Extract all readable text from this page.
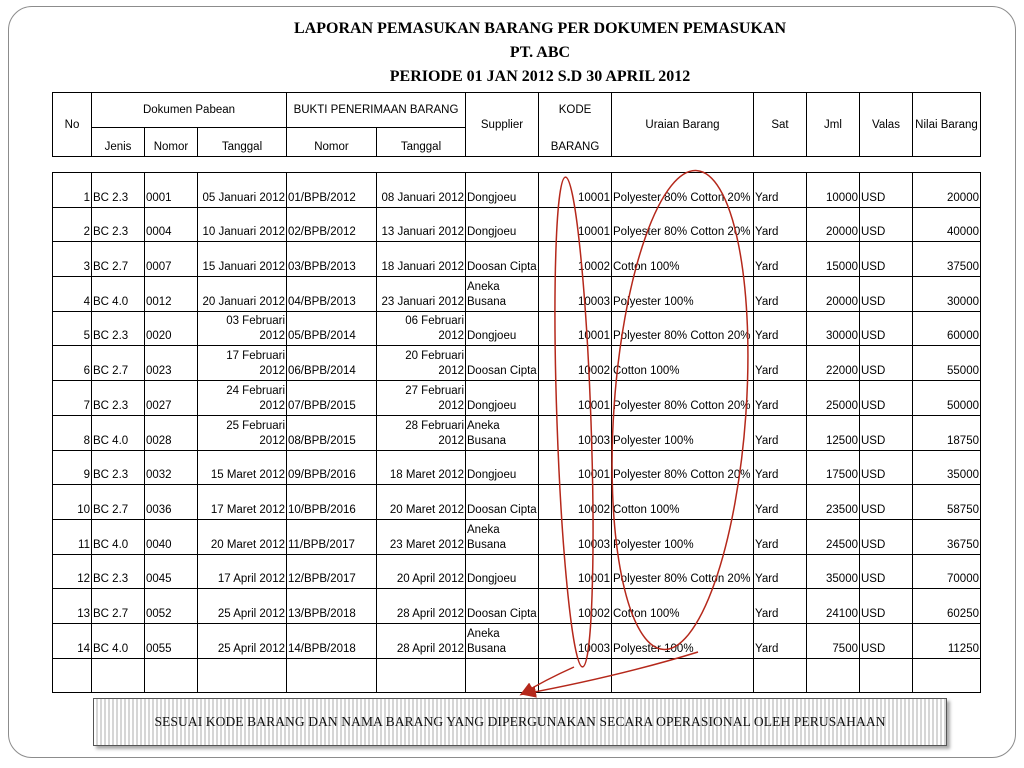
LAPORAN PEMASUKAN BARANG PER DOKUMEN PEMASUKAN
PT. ABC
PERIODE 01 JAN 2012 S.D 30 APRIL 2012
No	Dokumen Pabean			BUKTI PENERIMAAN BARANG		Supplier	KODE	Uraian Barang	Sat	Jml	Valas	Nilai Barang
	Jenis	Nomor	Tanggal	Nomor	Tanggal		BARANG					
1	BC 2.3	0001	05 Januari 2012	01/BPB/2012	08 Januari 2012	Dongjoeu	10001	Polyester 80% Cotton 20%	Yard	10000	USD	20000
2	BC 2.3	0004	10 Januari 2012	02/BPB/2012	13 Januari 2012	Dongjoeu	10001	Polyester 80% Cotton 20%	Yard	20000	USD	40000
3	BC 2.7	0007	15 Januari 2012	03/BPB/2013	18 Januari 2012	Doosan Cipta	10002	Cotton 100%	Yard	15000	USD	37500
4	BC 4.0	0012	20 Januari 2012	04/BPB/2013	23 Januari 2012	Aneka Busana	10003	Polyester 100%	Yard	20000	USD	30000
5	BC 2.3	0020	03 Februari 2012	05/BPB/2014	06 Februari 2012	Dongjoeu	10001	Polyester 80% Cotton 20%	Yard	30000	USD	60000
6	BC 2.7	0023	17 Februari 2012	06/BPB/2014	20 Februari 2012	Doosan Cipta	10002	Cotton 100%	Yard	22000	USD	55000
7	BC 2.3	0027	24 Februari 2012	07/BPB/2015	27 Februari 2012	Dongjoeu	10001	Polyester 80% Cotton 20%	Yard	25000	USD	50000
8	BC 4.0	0028	25 Februari 2012	08/BPB/2015	28 Februari 2012	Aneka Busana	10003	Polyester 100%	Yard	12500	USD	18750
9	BC 2.3	0032	15 Maret 2012	09/BPB/2016	18 Maret 2012	Dongjoeu	10001	Polyester 80% Cotton 20%	Yard	17500	USD	35000
10	BC 2.7	0036	17 Maret 2012	10/BPB/2016	20 Maret 2012	Doosan Cipta	10002	Cotton 100%	Yard	23500	USD	58750
11	BC 4.0	0040	20 Maret 2012	11/BPB/2017	23 Maret 2012	Aneka Busana	10003	Polyester 100%	Yard	24500	USD	36750
12	BC 2.3	0045	17 April 2012	12/BPB/2017	20 April 2012	Dongjoeu	10001	Polyester 80% Cotton 20%	Yard	35000	USD	70000
13	BC 2.7	0052	25 April 2012	13/BPB/2018	28 April 2012	Doosan Cipta	10002	Cotton 100%	Yard	24100	USD	60250
14	BC 4.0	0055	25 April 2012	14/BPB/2018	28 April 2012	Aneka Busana	10003	Polyester 100%	Yard	7500	USD	11250

SESUAI KODE BARANG DAN NAMA BARANG YANG DIPERGUNAKAN SECARA OPERASIONAL OLEH PERUSAHAAN
